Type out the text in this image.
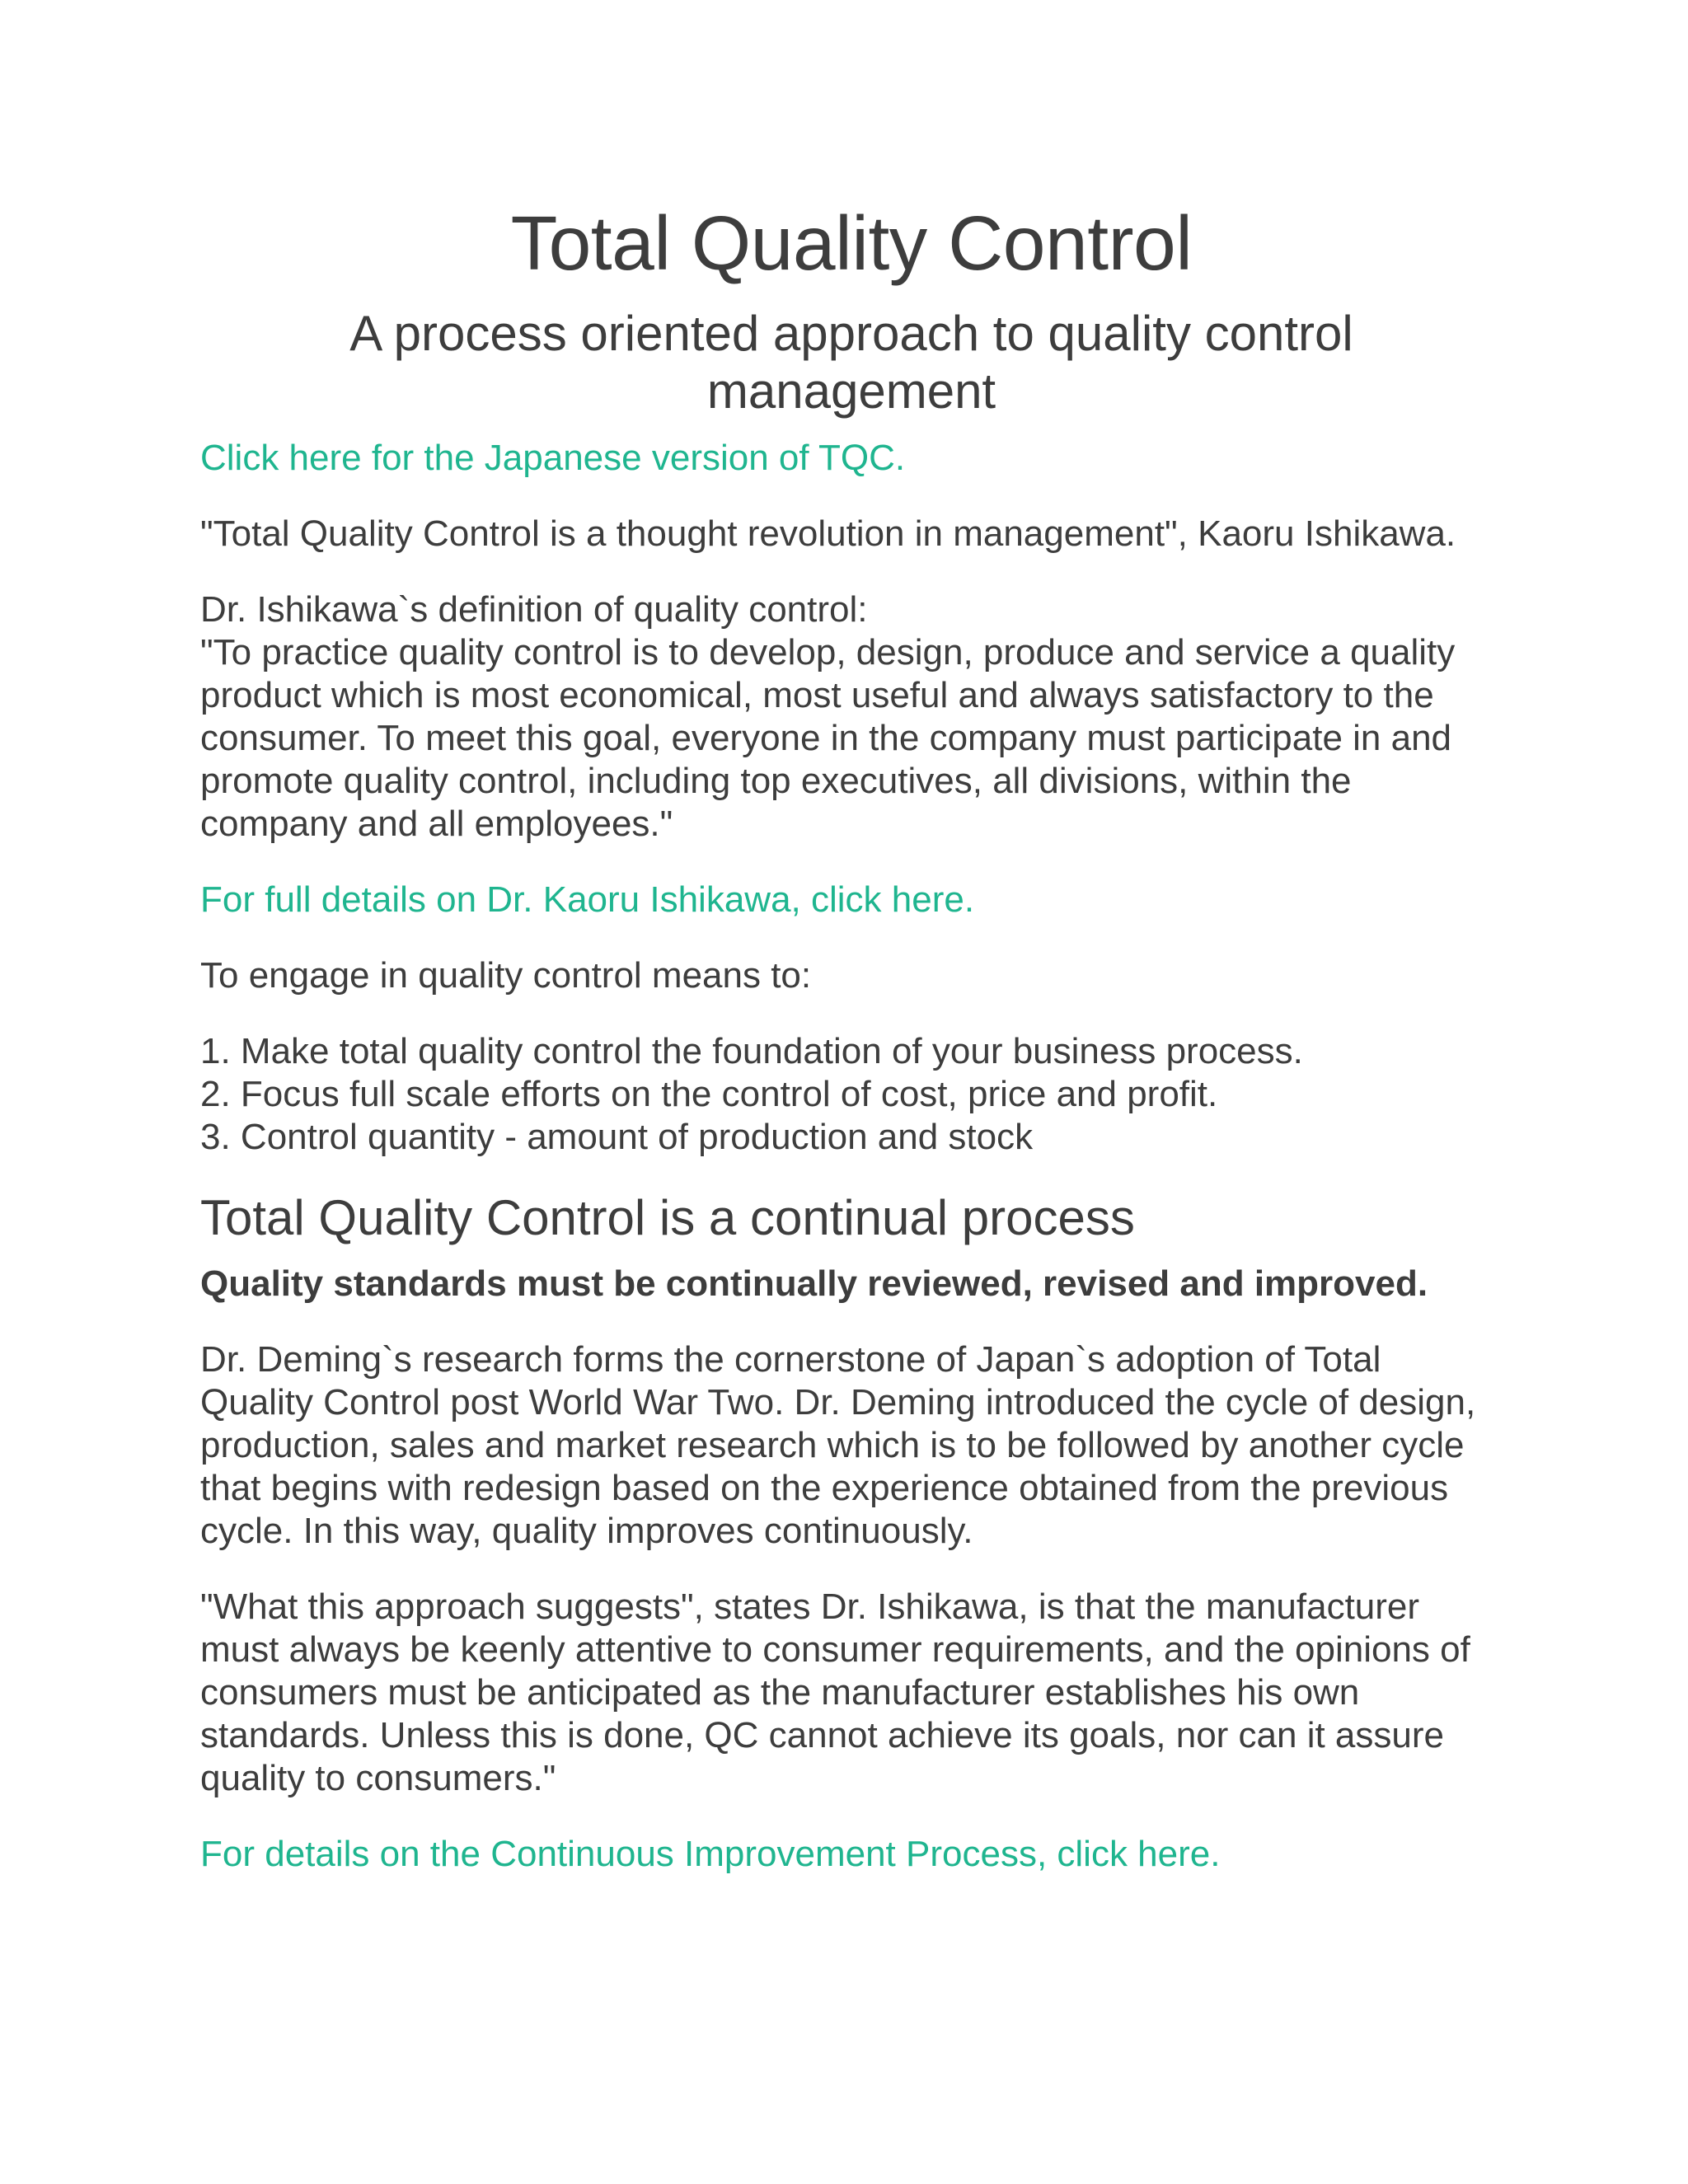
Total Quality Control
A process oriented approach to quality control management
Click here for the Japanese version of TQC.

"Total Quality Control is a thought revolution in management", Kaoru Ishikawa.

Dr. Ishikawa`s definition of quality control:

"To practice quality control is to develop, design, produce and service a quality product which is most economical, most useful and always satisfactory to the consumer. To meet this goal, everyone in the company must participate in and promote quality control, including top executives, all divisions, within the company and all employees."

For full details on Dr. Kaoru Ishikawa, click here.

To engage in quality control means to:

1. Make total quality control the foundation of your business process.
2. Focus full scale efforts on the control of cost, price and profit.
3. Control quantity - amount of production and stock
Total Quality Control is a continual process

Quality standards must be continually reviewed, revised and improved.

Dr. Deming`s research forms the cornerstone of Japan`s adoption of Total Quality Control post World War Two. Dr. Deming introduced the cycle of design, production, sales and market research which is to be followed by another cycle that begins with redesign based on the experience obtained from the previous cycle. In this way, quality improves continuously.

"What this approach suggests", states Dr. Ishikawa, is that the manufacturer must always be keenly attentive to consumer requirements, and the opinions of consumers must be anticipated as the manufacturer establishes his own standards. Unless this is done, QC cannot achieve its goals, nor can it assure quality to consumers."

For details on the Continuous Improvement Process, click here.
